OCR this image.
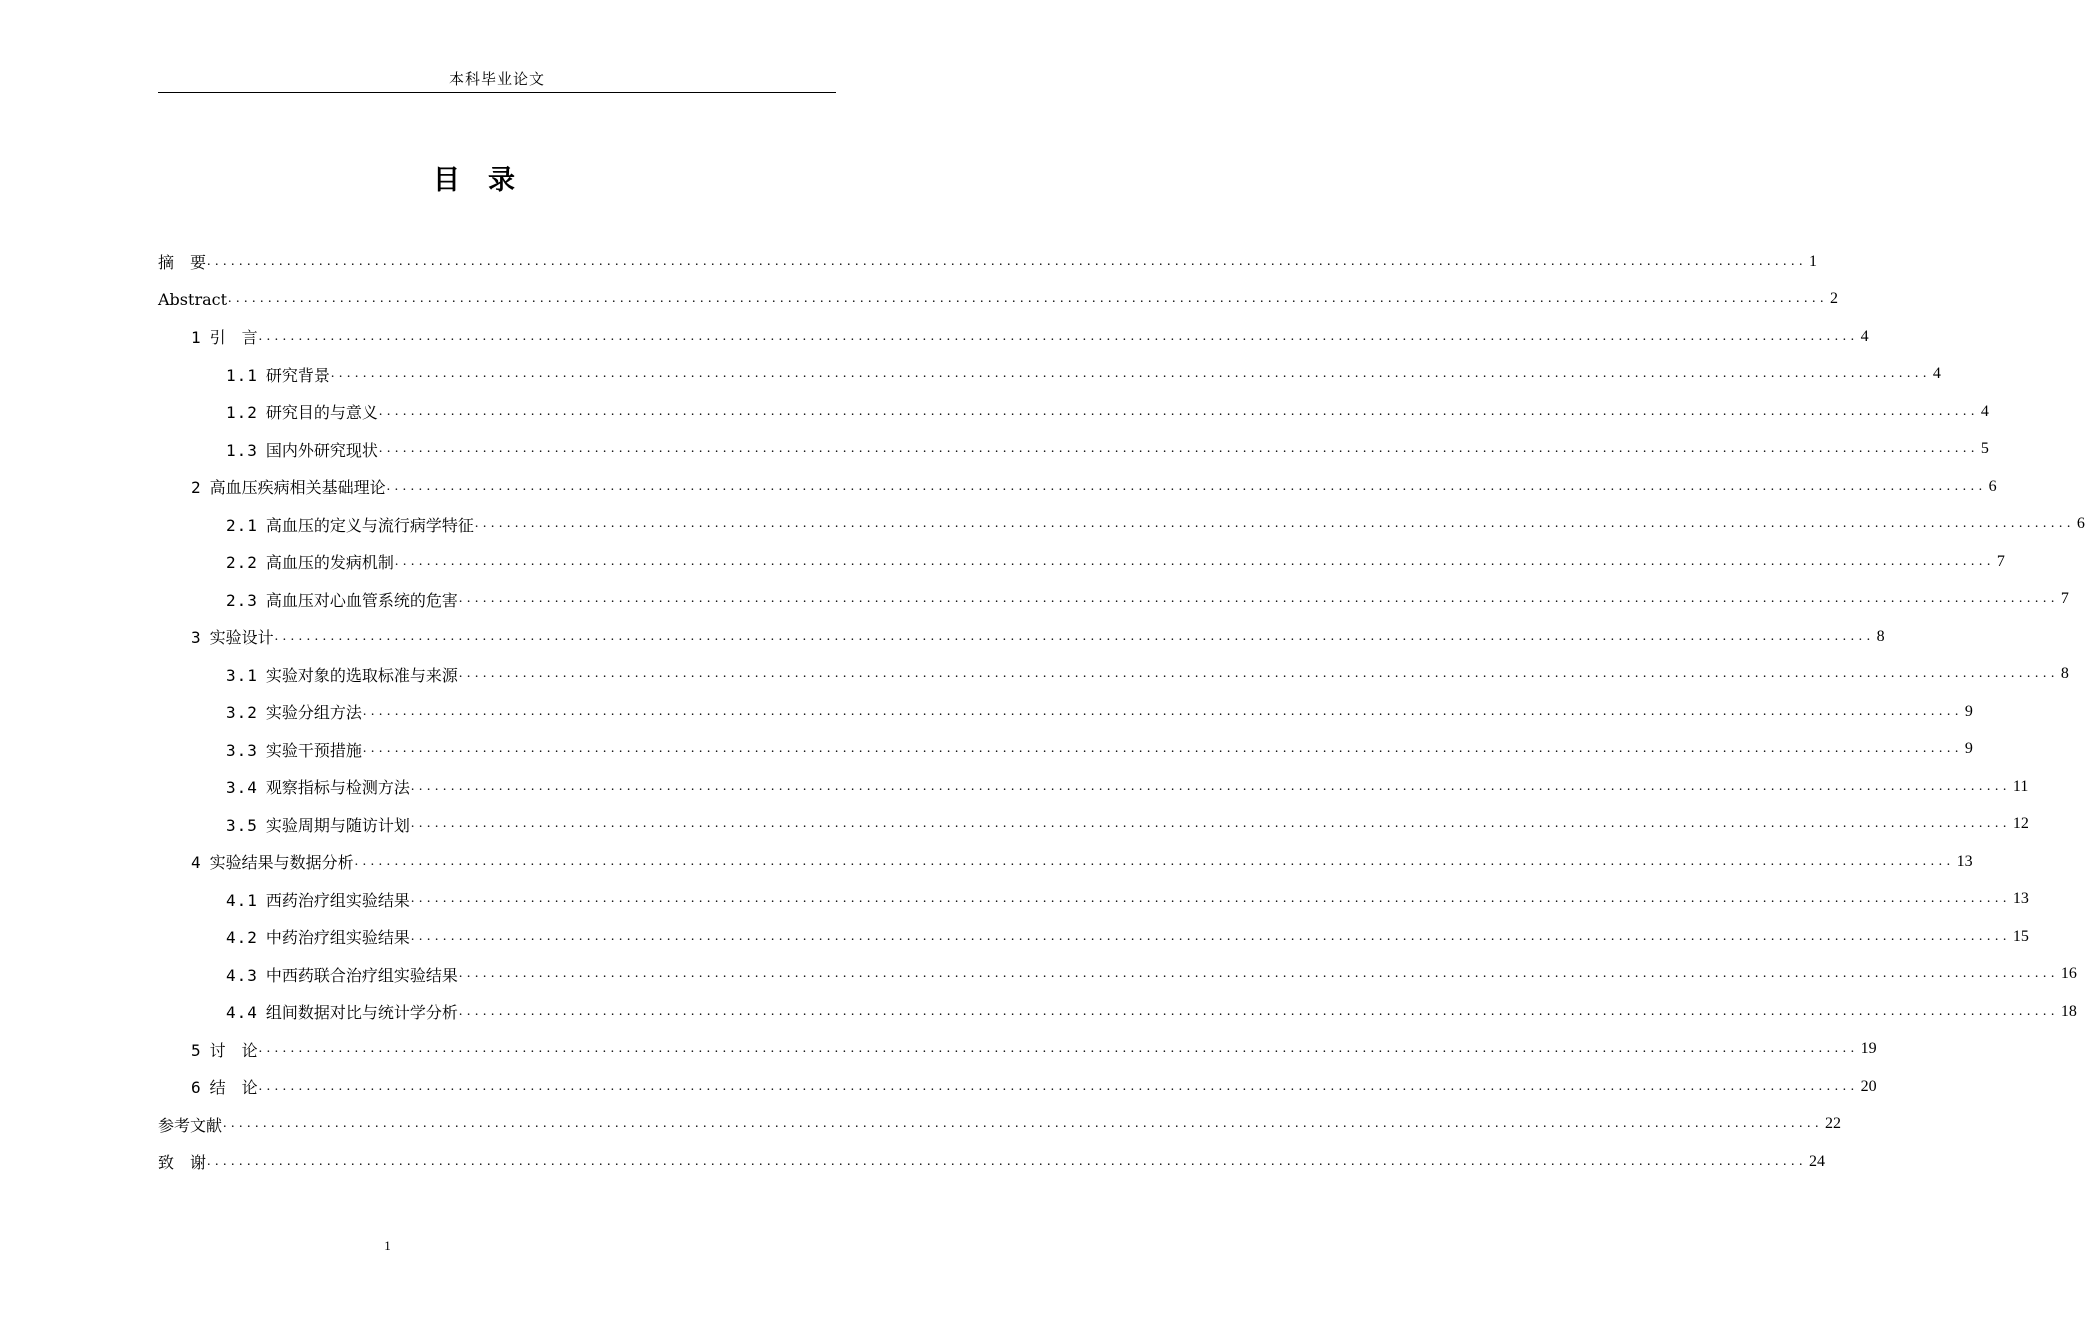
本科毕业论文
目 录
摘　要 ........................................................................................................................................................................................................ 1
Abstract ........................................................................................................................................................................................................ 2
1 引　言 ........................................................................................................................................................................................................ 4
1.1 研究背景 ........................................................................................................................................................................................................ 4
1.2 研究目的与意义 ........................................................................................................................................................................................................ 4
1.3 国内外研究现状 ........................................................................................................................................................................................................ 5
2 高血压疾病相关基础理论 ........................................................................................................................................................................................................ 6
2.1 高血压的定义与流行病学特征 ........................................................................................................................................................................................................ 6
2.2 高血压的发病机制 ........................................................................................................................................................................................................ 7
2.3 高血压对心血管系统的危害 ........................................................................................................................................................................................................ 7
3 实验设计 ........................................................................................................................................................................................................ 8
3.1 实验对象的选取标准与来源 ........................................................................................................................................................................................................ 8
3.2 实验分组方法 ........................................................................................................................................................................................................ 9
3.3 实验干预措施 ........................................................................................................................................................................................................ 9
3.4 观察指标与检测方法 ........................................................................................................................................................................................................ 11
3.5 实验周期与随访计划 ........................................................................................................................................................................................................ 12
4 实验结果与数据分析 ........................................................................................................................................................................................................ 13
4.1 西药治疗组实验结果 ........................................................................................................................................................................................................ 13
4.2 中药治疗组实验结果 ........................................................................................................................................................................................................ 15
4.3 中西药联合治疗组实验结果 ........................................................................................................................................................................................................ 16
4.4 组间数据对比与统计学分析 ........................................................................................................................................................................................................ 18
5 讨　论 ........................................................................................................................................................................................................ 19
6 结　论 ........................................................................................................................................................................................................ 20
参考文献 ........................................................................................................................................................................................................ 22
致　谢 ........................................................................................................................................................................................................ 24
1
